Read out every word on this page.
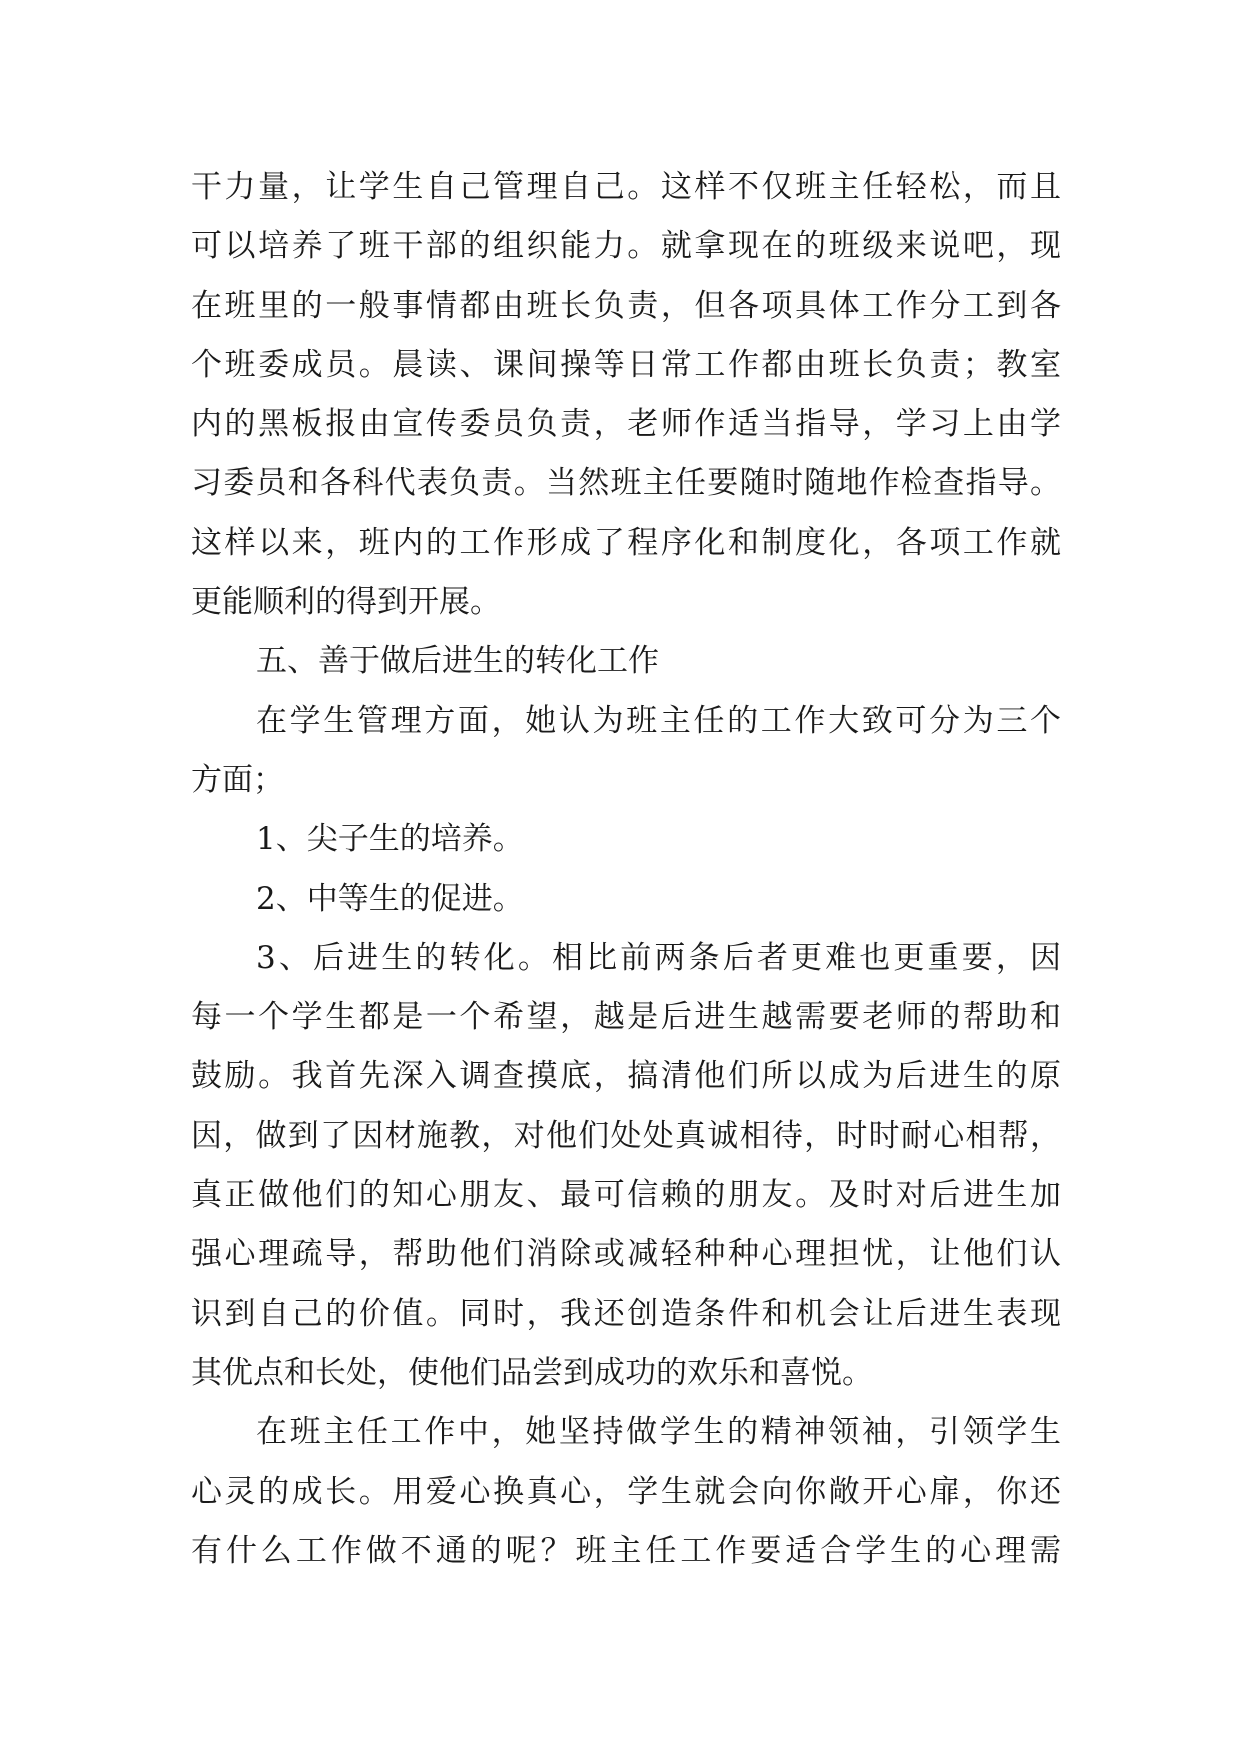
干力量，让学生自己管理自己。这样不仅班主任轻松，而且
可以培养了班干部的组织能力。就拿现在的班级来说吧，现
在班里的一般事情都由班长负责，但各项具体工作分工到各
个班委成员。晨读、课间操等日常工作都由班长负责；教室
内的黑板报由宣传委员负责，老师作适当指导，学习上由学
习委员和各科代表负责。当然班主任要随时随地作检查指导。
这样以来，班内的工作形成了程序化和制度化，各项工作就
更能顺利的得到开展。
五、善于做后进生的转化工作
在学生管理方面，她认为班主任的工作大致可分为三个
方面；
1、尖子生的培养。
2、中等生的促进。
3、后进生的转化。相比前两条后者更难也更重要，因
每一个学生都是一个希望，越是后进生越需要老师的帮助和
鼓励。我首先深入调查摸底，搞清他们所以成为后进生的原
因，做到了因材施教，对他们处处真诚相待，时时耐心相帮，
真正做他们的知心朋友、最可信赖的朋友。及时对后进生加
强心理疏导，帮助他们消除或减轻种种心理担忧，让他们认
识到自己的价值。同时，我还创造条件和机会让后进生表现
其优点和长处，使他们品尝到成功的欢乐和喜悦。
在班主任工作中，她坚持做学生的精神领袖，引领学生
心灵的成长。用爱心换真心，学生就会向你敞开心扉，你还
有什么工作做不通的呢？班主任工作要适合学生的心理需
